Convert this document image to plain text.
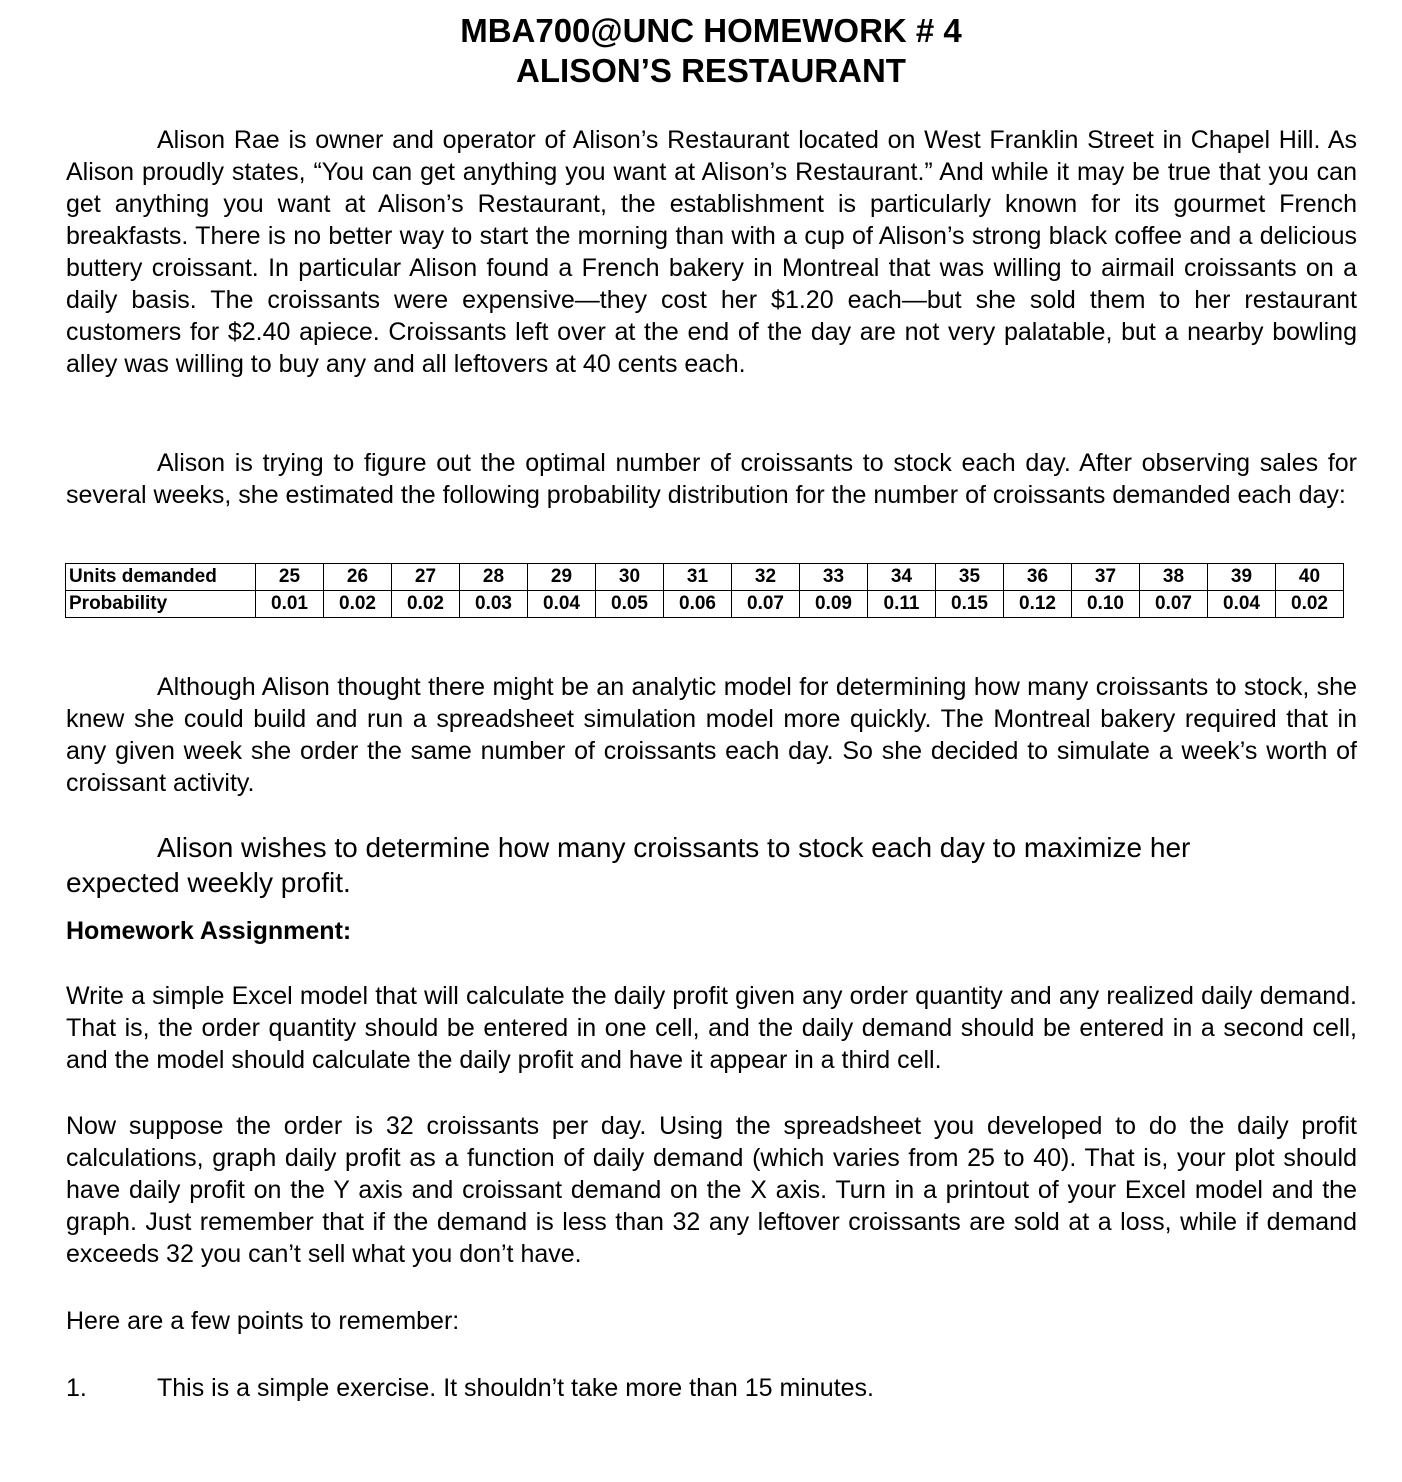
MBA700@UNC HOMEWORK # 4
ALISON’S RESTAURANT

Alison Rae is owner and operator of Alison’s Restaurant located on West Franklin Street in Chapel Hill. As Alison proudly states, “You can get anything you want at Alison’s Restaurant.” And while it may be true that you can get anything you want at Alison’s Restaurant, the establishment is particularly known for its gourmet French breakfasts. There is no better way to start the morning than with a cup of Alison’s strong black coffee and a delicious buttery croissant. In particular Alison found a French bakery in Montreal that was willing to airmail croissants on a daily basis. The croissants were expensive—they cost her $1.20 each—but she sold them to her restaurant customers for $2.40 apiece. Croissants left over at the end of the day are not very palatable, but a nearby bowling alley was willing to buy any and all leftovers at 40 cents each.

Alison is trying to figure out the optimal number of croissants to stock each day. After observing sales for several weeks, she estimated the following probability distribution for the number of croissants demanded each day:

Units demanded	25	26	27	28	29	30	31	32	33	34	35	36	37	38	39	40
Probability	0.01	0.02	0.02	0.03	0.04	0.05	0.06	0.07	0.09	0.11	0.15	0.12	0.10	0.07	0.04	0.02

Although Alison thought there might be an analytic model for determining how many croissants to stock, she knew she could build and run a spreadsheet simulation model more quickly. The Montreal bakery required that in any given week she order the same number of croissants each day. So she decided to simulate a week’s worth of croissant activity.

Alison wishes to determine how many croissants to stock each day to maximize her expected weekly profit.

Homework Assignment:

Write a simple Excel model that will calculate the daily profit given any order quantity and any realized daily demand. That is, the order quantity should be entered in one cell, and the daily demand should be entered in a second cell, and the model should calculate the daily profit and have it appear in a third cell.

Now suppose the order is 32 croissants per day. Using the spreadsheet you developed to do the daily profit calculations, graph daily profit as a function of daily demand (which varies from 25 to 40). That is, your plot should have daily profit on the Y axis and croissant demand on the X axis. Turn in a printout of your Excel model and the graph. Just remember that if the demand is less than 32 any leftover croissants are sold at a loss, while if demand exceeds 32 you can’t sell what you don’t have.

Here are a few points to remember:

1.	This is a simple exercise. It shouldn’t take more than 15 minutes.
